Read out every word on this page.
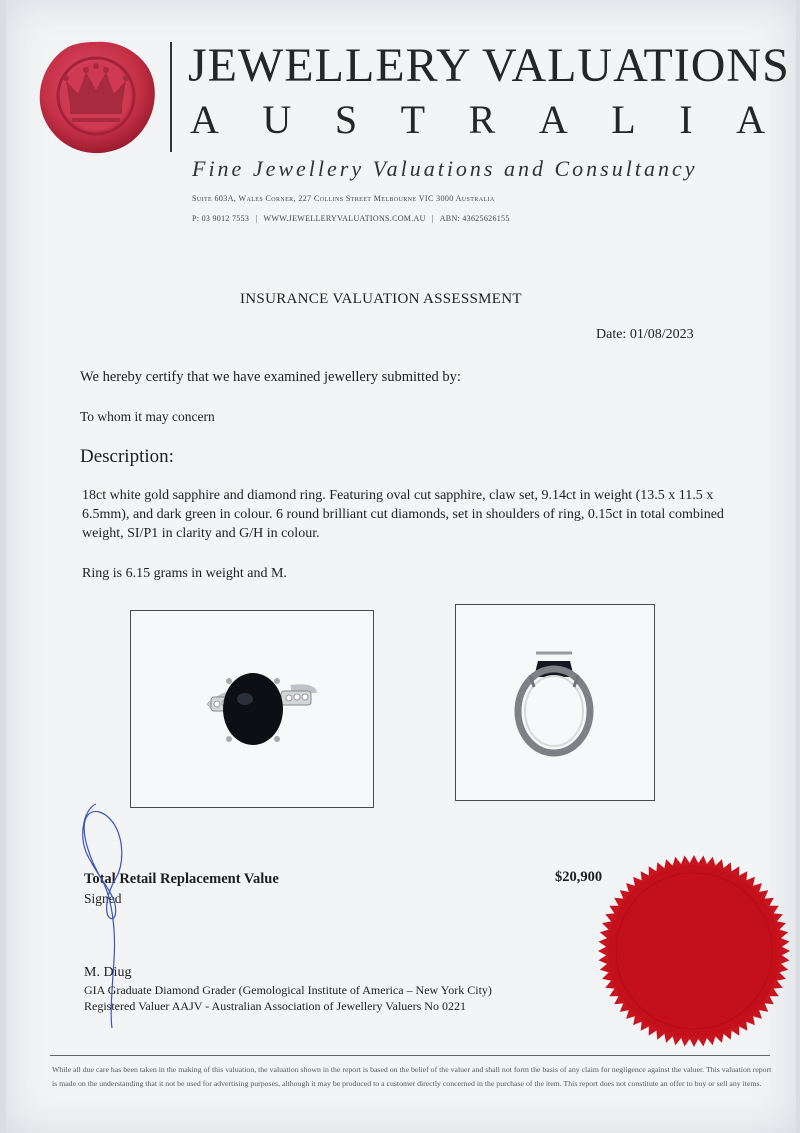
JEWELLERY VALUATIONS
A U S T R A L I A
Fine Jewellery Valuations and Consultancy
Suite 603A, Wales Corner, 227 Collins Street Melbourne VIC 3000 Australia
P: 03 9012 7553 | WWW.JEWELLERYVALUATIONS.COM.AU | ABN: 43625626155
INSURANCE VALUATION ASSESSMENT
Date: 01/08/2023
We hereby certify that we have examined jewellery submitted by:
To whom it may concern
Description:
18ct white gold sapphire and diamond ring. Featuring oval cut sapphire, claw set, 9.14ct in weight (13.5 x 11.5 x 6.5mm), and dark green in colour. 6 round brilliant cut diamonds, set in shoulders of ring, 0.15ct in total combined weight, SI/P1 in clarity and G/H in colour.
Ring is 6.15 grams in weight and M.
Total Retail Replacement Value	$20,900
Signed
M. Diug
GIA Graduate Diamond Grader (Gemological Institute of America – New York City)
Registered Valuer AAJV - Australian Association of Jewellery Valuers No 0221
While all due care has been taken in the making of this valuation, the valuation shown in the report is based on the belief of the valuer and shall not form the basis of any claim for negligence against the valuer. This valuation report is made on the understanding that it not be used for advertising purposes, although it may be produced to a customer directly concerned in the purchase of the item. This report does not constitute an offer to buy or sell any items.
